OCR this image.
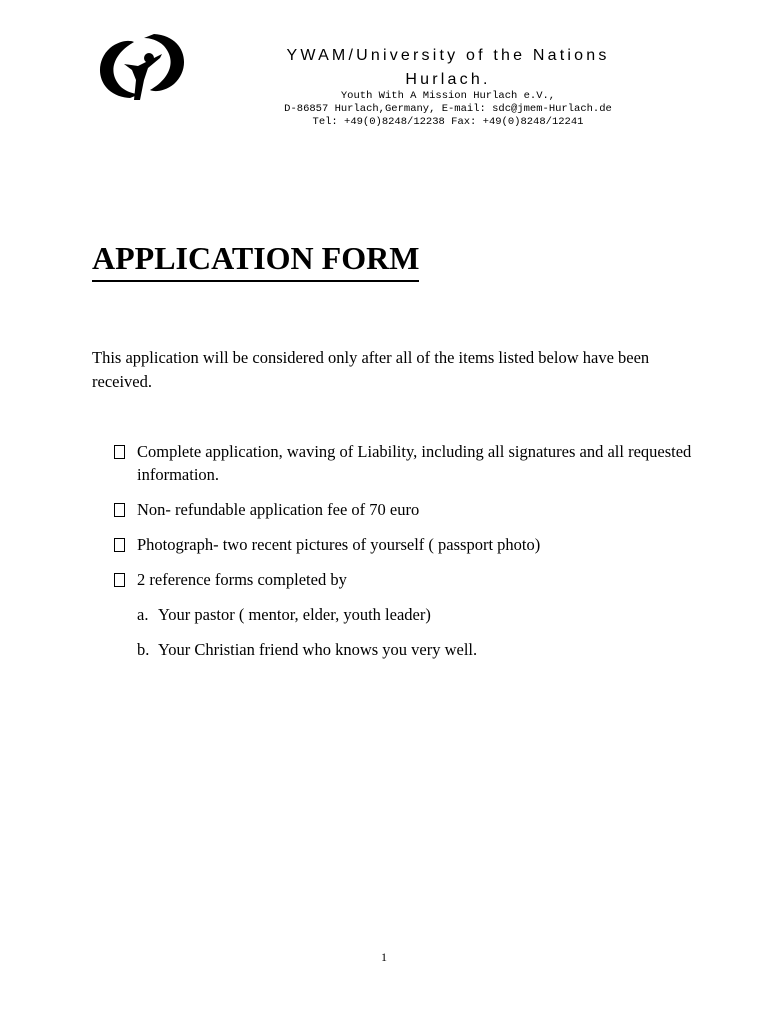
YWAM/University of the Nations
Hurlach.
Youth With A Mission Hurlach e.V.,
D-86857 Hurlach,Germany, E-mail: sdc@jmem-Hurlach.de
Tel: +49(0)8248/12238 Fax: +49(0)8248/12241
APPLICATION FORM
This application will be considered only after all of the items listed below have been received.
Complete application, waving of Liability, including all signatures and all requested information.
Non- refundable application fee of 70 euro
Photograph- two recent pictures of yourself ( passport photo)
2 reference forms completed by
a. Your pastor ( mentor, elder, youth leader)
b. Your Christian friend who knows you very well.
1
